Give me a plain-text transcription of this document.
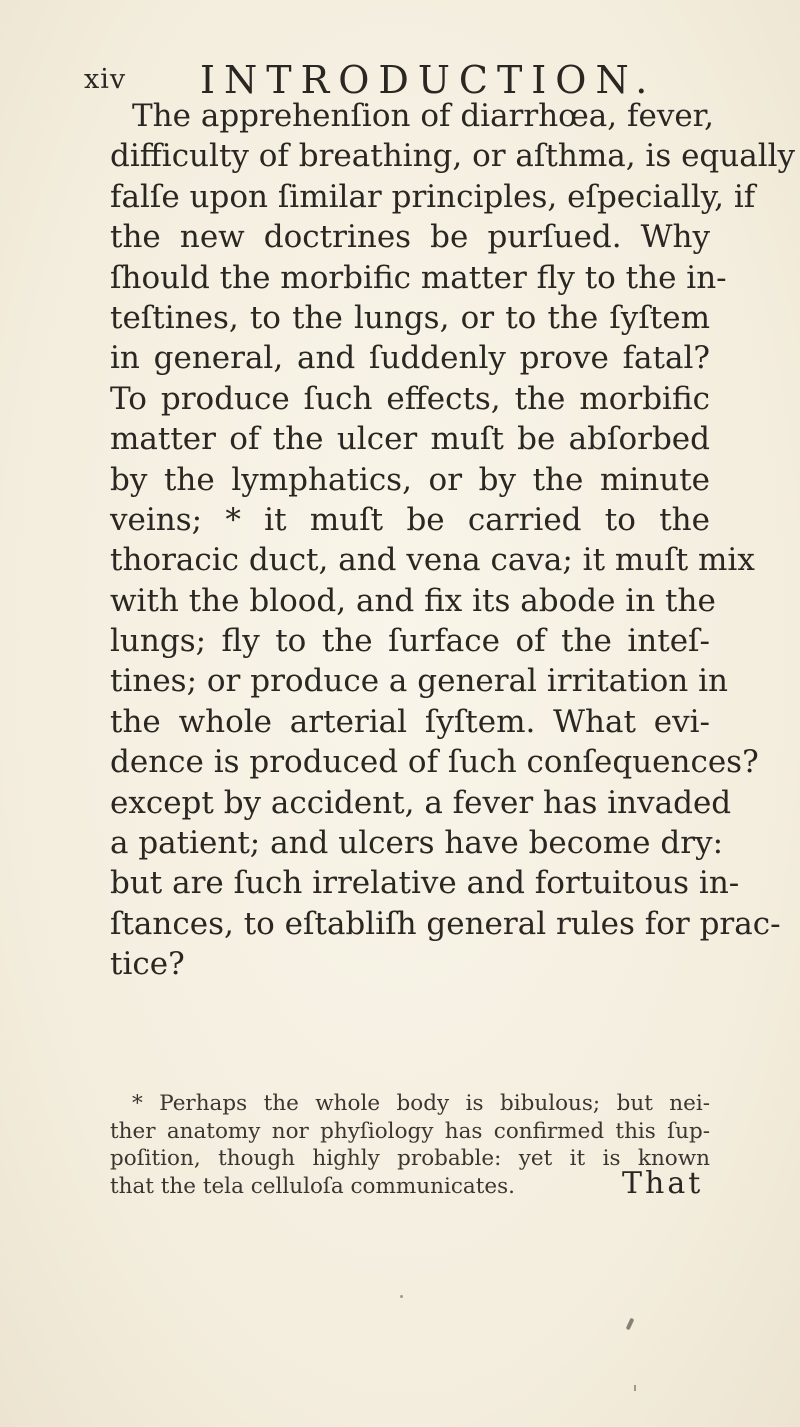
xiv INTRODUCTION.
The apprehenſion of diarrhœa, fever,
difficulty of breathing, or aſthma, is equally
falſe upon ſimilar principles, eſpecially, if
the new doctrines be purſued. Why
ſhould the morbific matter fly to the in-
teſtines, to the lungs, or to the ſyſtem
in general, and ſuddenly prove fatal?
To produce ſuch effects, the morbific
matter of the ulcer muſt be abſorbed
by the lymphatics, or by the minute
veins; * it muſt be carried to the
thoracic duct, and vena cava; it muſt mix
with the blood, and fix its abode in the
lungs; fly to the ſurface of the inteſ-
tines; or produce a general irritation in
the whole arterial ſyſtem. What evi-
dence is produced of ſuch conſequences?
except by accident, a fever has invaded
a patient; and ulcers have become dry:
but are ſuch irrelative and fortuitous in-
ſtances, to eſtabliſh general rules for prac-
tice?
* Perhaps the whole body is bibulous; but nei-
ther anatomy nor phyſiology has confirmed this ſup-
poſition, though highly probable: yet it is known
that the tela celluloſa communicates.	That
